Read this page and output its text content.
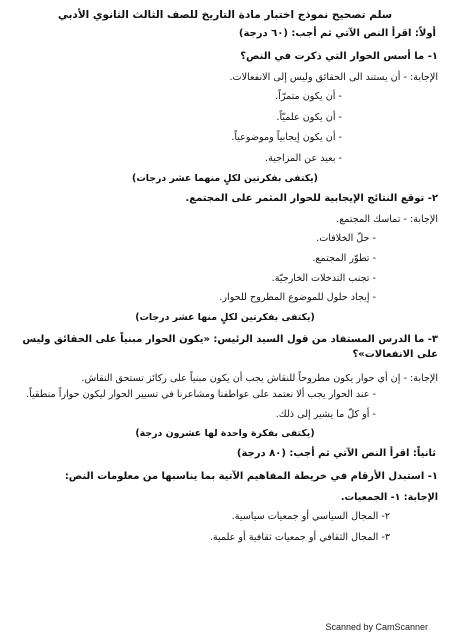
سلم تصحيح نموذج اختبار مادة التاريخ للصف الثالث الثانوي الأدبي
أولاً: اقرأ النص الآتي ثم أجب: (٦٠ درجة)
١- ما أسس الحوار التي ذكرت في النص؟
الإجابة: - أن يستند الى الحقائق وليس إلى الانفعالات.
- أن يكون متمرّاً.
- أن يكون علميّاً.
- أن يكون إيجابياً وموضوعياً.
- بعيد عن المزاجية.
(يكتفى بفكرتين لكلٍ منهما عشر درجات)
٢- توقع النتائج الإيجابية للحوار المثمر على المجتمع.
الإجابة: - تماسك المجتمع.
- حلّ الخلافات.
- تطوّر المجتمع.
- تجنب التدخلات الخارجيّة.
- إيجاد حلول للموضوع المطروح للحوار.
(يكتفى بفكرتين لكلٍ منها عشر درجات)
٣- ما الدرس المستفاد من قول السيد الرئيس: «يكون الحوار مبنياً على الحقائق وليس على الانفعالات»؟
الإجابة: - إن أي حوار يكون مطروحاً للنقاش يجب أن يكون مبنياً على ركائز تستحق النقاش.
- عند الحوار يجب ألا نعتمد على عواطفنا ومشاعرنا في تسيير الحوار ليكون حواراً منطقياً.
- أو كلّ ما يشير إلى ذلك.
(يكتفى بفكرة واحدة لها عشرون درجة)
ثانياً: اقرأ النص الآتي ثم أجب: (٨٠ درجة)
١- استبدل الأرقام في خريطة المفاهيم الآتية بما يناسبها من معلومات النص:
الإجابة: ١- الجمعيات.
٢- المجال السياسي أو جمعيات سياسية.
٣- المجال الثقافي أو جمعيات ثقافية أو علمية.
Scanned by CamScanner
